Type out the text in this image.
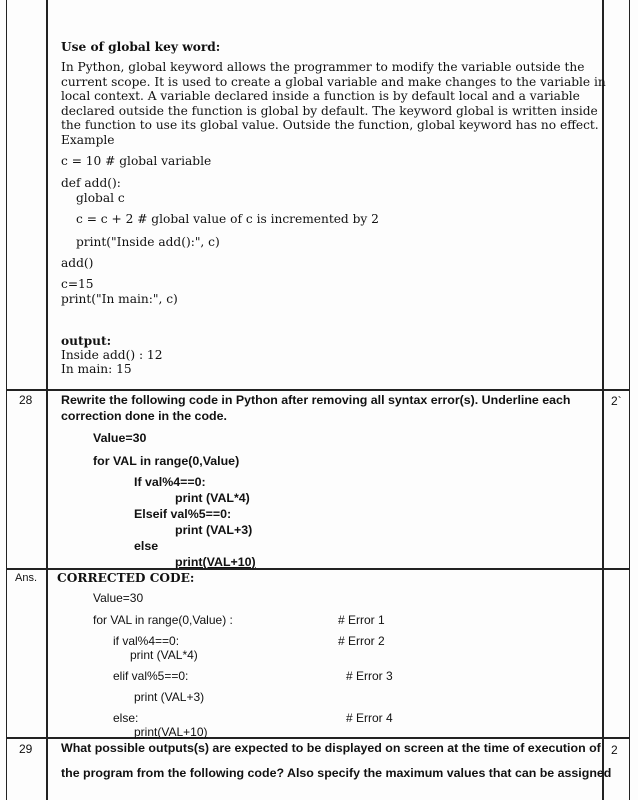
Use of global key word:
In Python, global keyword allows the programmer to modify the variable outside the
current scope. It is used to create a global variable and make changes to the variable in
local context. A variable declared inside a function is by default local and a variable
declared outside the function is global by default. The keyword global is written inside
the function to use its global value. Outside the function, global keyword has no effect.
Example
c = 10 # global variable
def add():
global c
c = c + 2 # global value of c is incremented by 2
print("Inside add():", c)
add()
c=15
print("In main:", c)
output:
Inside add() : 12
In main: 15
28	2`
Rewrite the following code in Python after removing all syntax error(s). Underline each
correction done in the code.
Value=30
for VAL in range(0,Value)
If val%4==0:
print (VAL*4)
Elseif val%5==0:
print (VAL+3)
else
print(VAL+10)
Ans. CORRECTED CODE:
Value=30
for VAL in range(0,Value) :
if val%4==0:
print (VAL*4)
elif val%5==0:
print (VAL+3)
else:
print(VAL+10)
# Error 1
# Error 2
# Error 3
# Error 4
29	2
What possible outputs(s) are expected to be displayed on screen at the time of execution of
the program from the following code? Also specify the maximum values that can be assigned
